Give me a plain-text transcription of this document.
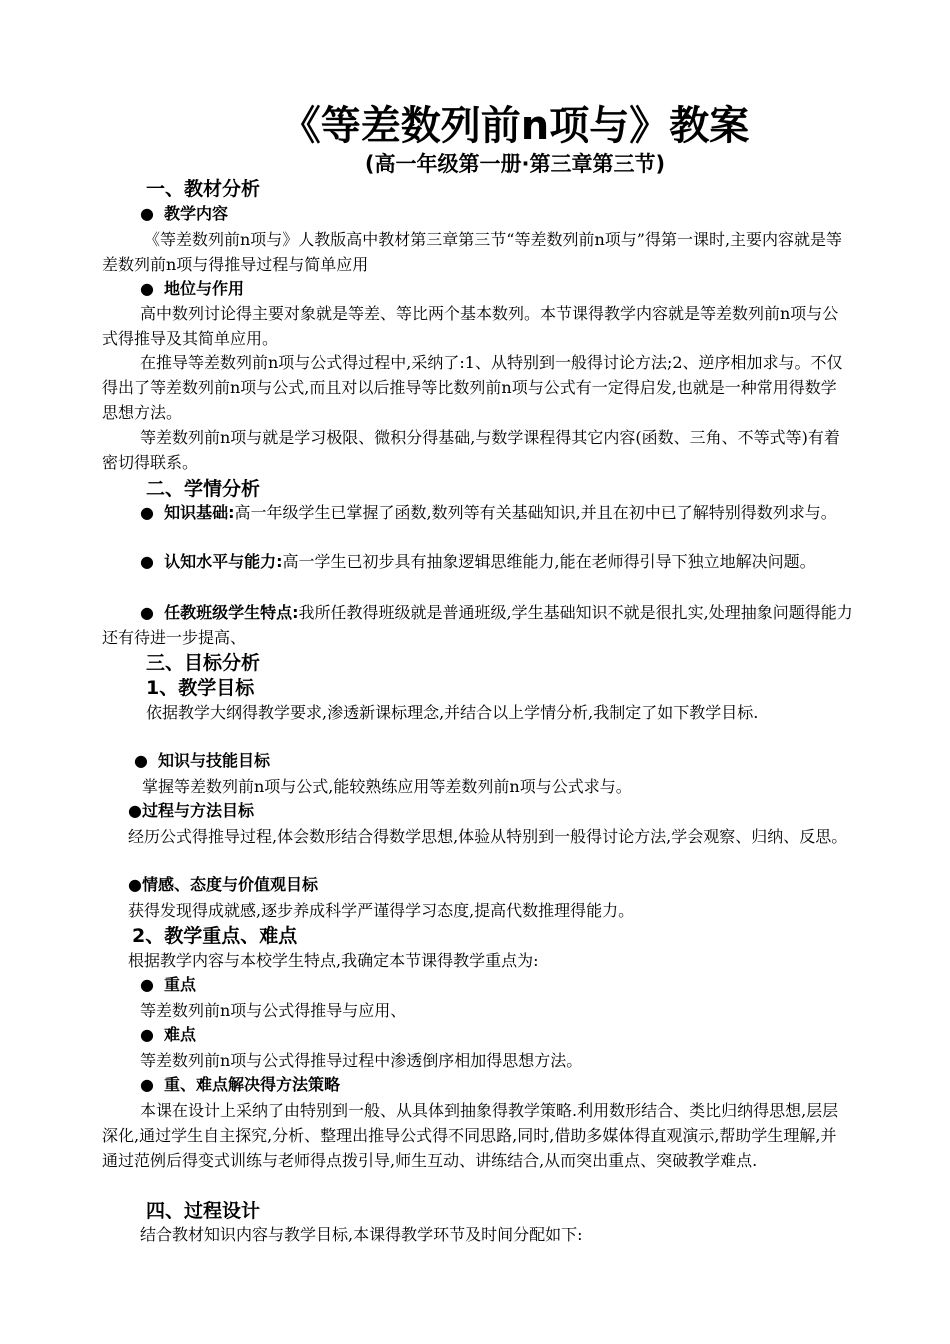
《等差数列前n项与》教案
(高一年级第一册·第三章第三节)
一、教材分析
● 教学内容
《等差数列前n项与》人教版高中教材第三章第三节“等差数列前n项与”得第一课时,主要内容就是等差数列前n项与得推导过程与简单应用
● 地位与作用
高中数列讨论得主要对象就是等差、等比两个基本数列。本节课得教学内容就是等差数列前n项与公式得推导及其简单应用。
在推导等差数列前n项与公式得过程中,采纳了:1、从特别到一般得讨论方法;2、逆序相加求与。不仅得出了等差数列前n项与公式,而且对以后推导等比数列前n项与公式有一定得启发,也就是一种常用得数学思想方法。
等差数列前n项与就是学习极限、微积分得基础,与数学课程得其它内容(函数、三角、不等式等)有着密切得联系。
二、学情分析
● 知识基础:高一年级学生已掌握了函数,数列等有关基础知识,并且在初中已了解特别得数列求与。
● 认知水平与能力:高一学生已初步具有抽象逻辑思维能力,能在老师得引导下独立地解决问题。
● 任教班级学生特点:我所任教得班级就是普通班级,学生基础知识不就是很扎实,处理抽象问题得能力还有待进一步提高、
三、目标分析
1、教学目标
依据教学大纲得教学要求,渗透新课标理念,并结合以上学情分析,我制定了如下教学目标.
● 知识与技能目标
掌握等差数列前n项与公式,能较熟练应用等差数列前n项与公式求与。
●过程与方法目标
经历公式得推导过程,体会数形结合得数学思想,体验从特别到一般得讨论方法,学会观察、归纳、反思。
●情感、态度与价值观目标
获得发现得成就感,逐步养成科学严谨得学习态度,提高代数推理得能力。
2、教学重点、难点
根据教学内容与本校学生特点,我确定本节课得教学重点为:
● 重点
等差数列前n项与公式得推导与应用、
● 难点
等差数列前n项与公式得推导过程中渗透倒序相加得思想方法。
● 重、难点解决得方法策略
本课在设计上采纳了由特别到一般、从具体到抽象得教学策略.利用数形结合、类比归纳得思想,层层深化,通过学生自主探究,分析、整理出推导公式得不同思路,同时,借助多媒体得直观演示,帮助学生理解,并通过范例后得变式训练与老师得点拨引导,师生互动、讲练结合,从而突出重点、突破教学难点.
四、过程设计
结合教材知识内容与教学目标,本课得教学环节及时间分配如下:
